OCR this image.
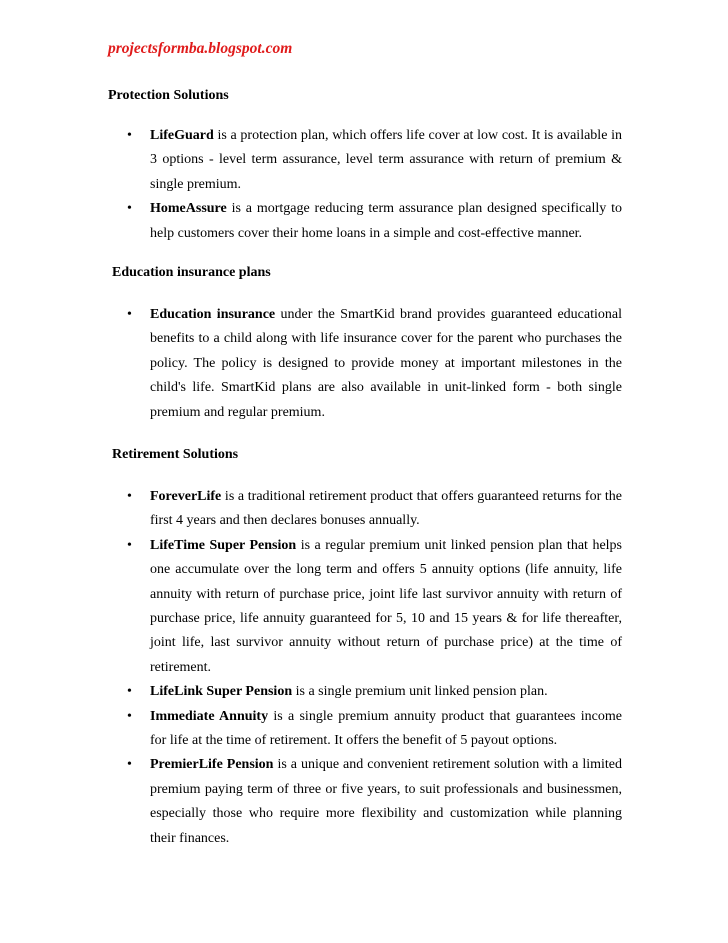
projectsformba.blogspot.com
Protection Solutions
• LifeGuard is a protection plan, which offers life cover at low cost. It is available in 3 options - level term assurance, level term assurance with return of premium & single premium.
• HomeAssure is a mortgage reducing term assurance plan designed specifically to help customers cover their home loans in a simple and cost-effective manner.
Education insurance plans
• Education insurance under the SmartKid brand provides guaranteed educational benefits to a child along with life insurance cover for the parent who purchases the policy. The policy is designed to provide money at important milestones in the child's life. SmartKid plans are also available in unit-linked form - both single premium and regular premium.
Retirement Solutions
• ForeverLife is a traditional retirement product that offers guaranteed returns for the first 4 years and then declares bonuses annually.
• LifeTime Super Pension is a regular premium unit linked pension plan that helps one accumulate over the long term and offers 5 annuity options (life annuity, life annuity with return of purchase price, joint life last survivor annuity with return of purchase price, life annuity guaranteed for 5, 10 and 15 years & for life thereafter, joint life, last survivor annuity without return of purchase price) at the time of retirement.
• LifeLink Super Pension is a single premium unit linked pension plan.
• Immediate Annuity is a single premium annuity product that guarantees income for life at the time of retirement. It offers the benefit of 5 payout options.
• PremierLife Pension is a unique and convenient retirement solution with a limited premium paying term of three or five years, to suit professionals and businessmen, especially those who require more flexibility and customization while planning their finances.
